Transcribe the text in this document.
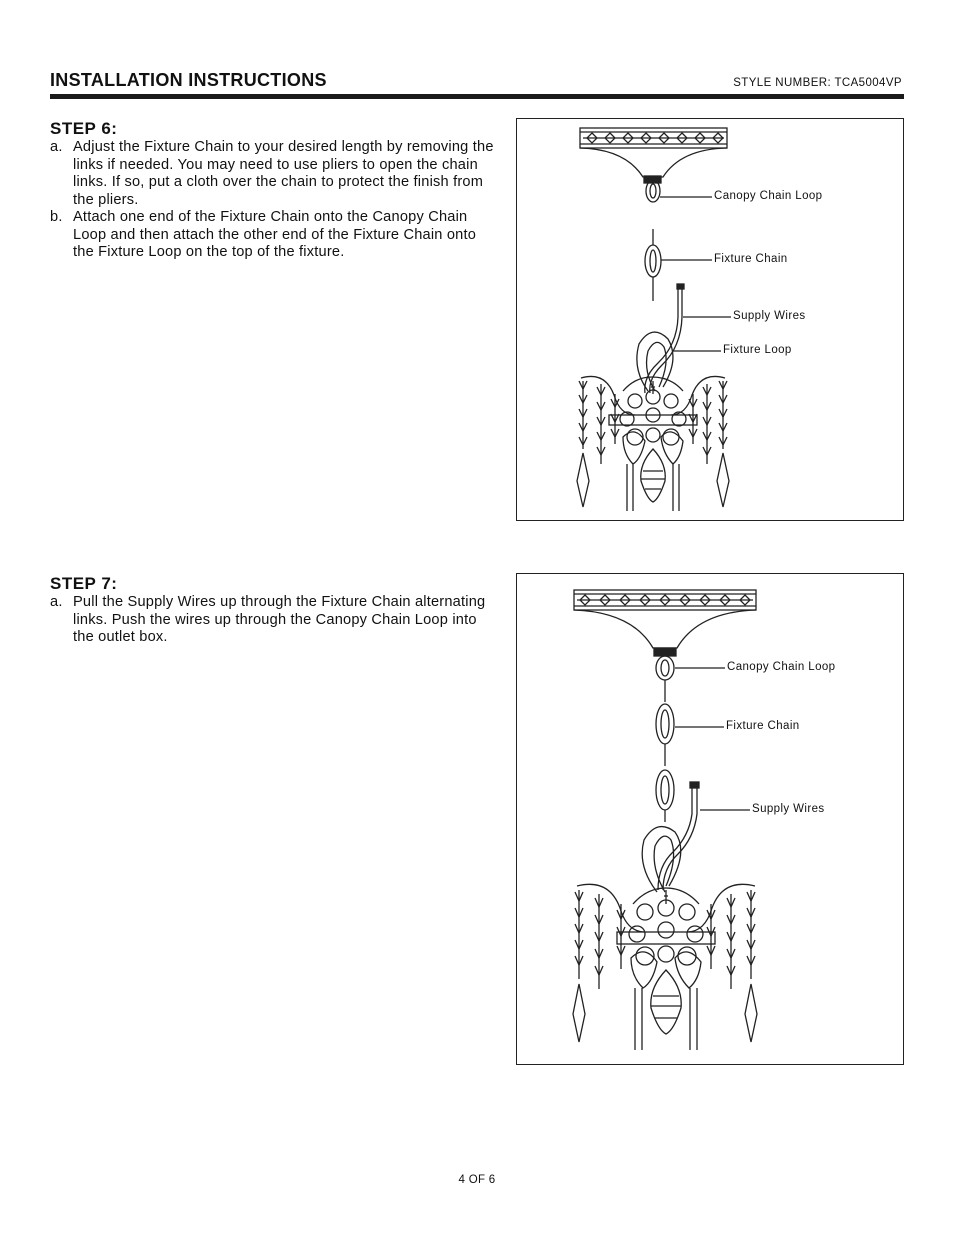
INSTALLATION INSTRUCTIONS	STYLE NUMBER: TCA5004VP
STEP 6:
a. Adjust the Fixture Chain to your desired length by removing the links if needed. You may need to use pliers to open the chain links. If so, put a cloth over the chain to protect the finish from the pliers.
b. Attach one end of the Fixture Chain onto the Canopy Chain Loop and then attach the other end of the Fixture Chain onto the Fixture Loop on the top of the fixture.
Canopy Chain Loop
Fixture Chain
Supply Wires
Fixture Loop
STEP 7:
a. Pull the Supply Wires up through the Fixture Chain alternating links. Push the wires up through the Canopy Chain Loop into the outlet box.
Canopy Chain Loop
Fixture Chain
Supply Wires
4 OF 6
